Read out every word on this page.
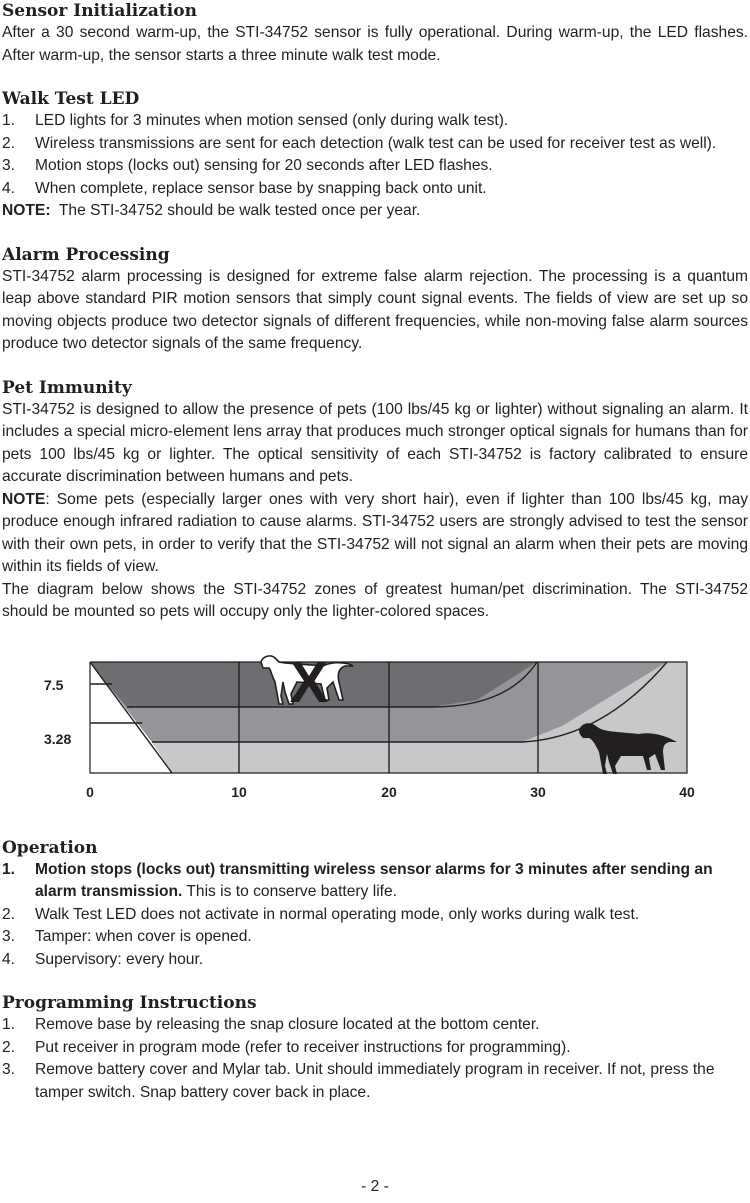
Sensor Initialization

After a 30 second warm-up, the STI-34752 sensor is fully operational. During warm-up, the LED flashes. After warm-up, the sensor starts a three minute walk test mode.

Walk Test LED
1. LED lights for 3 minutes when motion sensed (only during walk test).
2. Wireless transmissions are sent for each detection (walk test can be used for receiver test as well).
3. Motion stops (locks out) sensing for 20 seconds after LED flashes.
4. When complete, replace sensor base by snapping back onto unit.

NOTE: The STI-34752 should be walk tested once per year.

Alarm Processing

STI-34752 alarm processing is designed for extreme false alarm rejection. The processing is a quantum leap above standard PIR motion sensors that simply count signal events. The fields of view are set up so moving objects produce two detector signals of different frequencies, while non-moving false alarm sources produce two detector signals of the same frequency.

Pet Immunity

STI-34752 is designed to allow the presence of pets (100 lbs/45 kg or lighter) without signaling an alarm. It includes a special micro-element lens array that produces much stronger optical signals for humans than for pets 100 lbs/45 kg or lighter. The optical sensitivity of each STI-34752 is factory calibrated to ensure accurate discrimination between humans and pets.

NOTE: Some pets (especially larger ones with very short hair), even if lighter than 100 lbs/45 kg, may produce enough infrared radiation to cause alarms. STI-34752 users are strongly advised to test the sensor with their own pets, in order to verify that the STI-34752 will not signal an alarm when their pets are moving within its fields of view.

The diagram below shows the STI-34752 zones of greatest human/pet discrimination. The STI-34752 should be mounted so pets will occupy only the lighter-colored spaces.

7.5
3.28
0	10	20	30	40
X
Operation
1. Motion stops (locks out) transmitting wireless sensor alarms for 3 minutes after sending an alarm transmission. This is to conserve battery life.
2. Walk Test LED does not activate in normal operating mode, only works during walk test.
3. Tamper: when cover is opened.
4. Supervisory: every hour.
Programming Instructions
1. Remove base by releasing the snap closure located at the bottom center.
2. Put receiver in program mode (refer to receiver instructions for programming).
3. Remove battery cover and Mylar tab. Unit should immediately program in receiver. If not, press the tamper switch. Snap battery cover back in place.
- 2 -
